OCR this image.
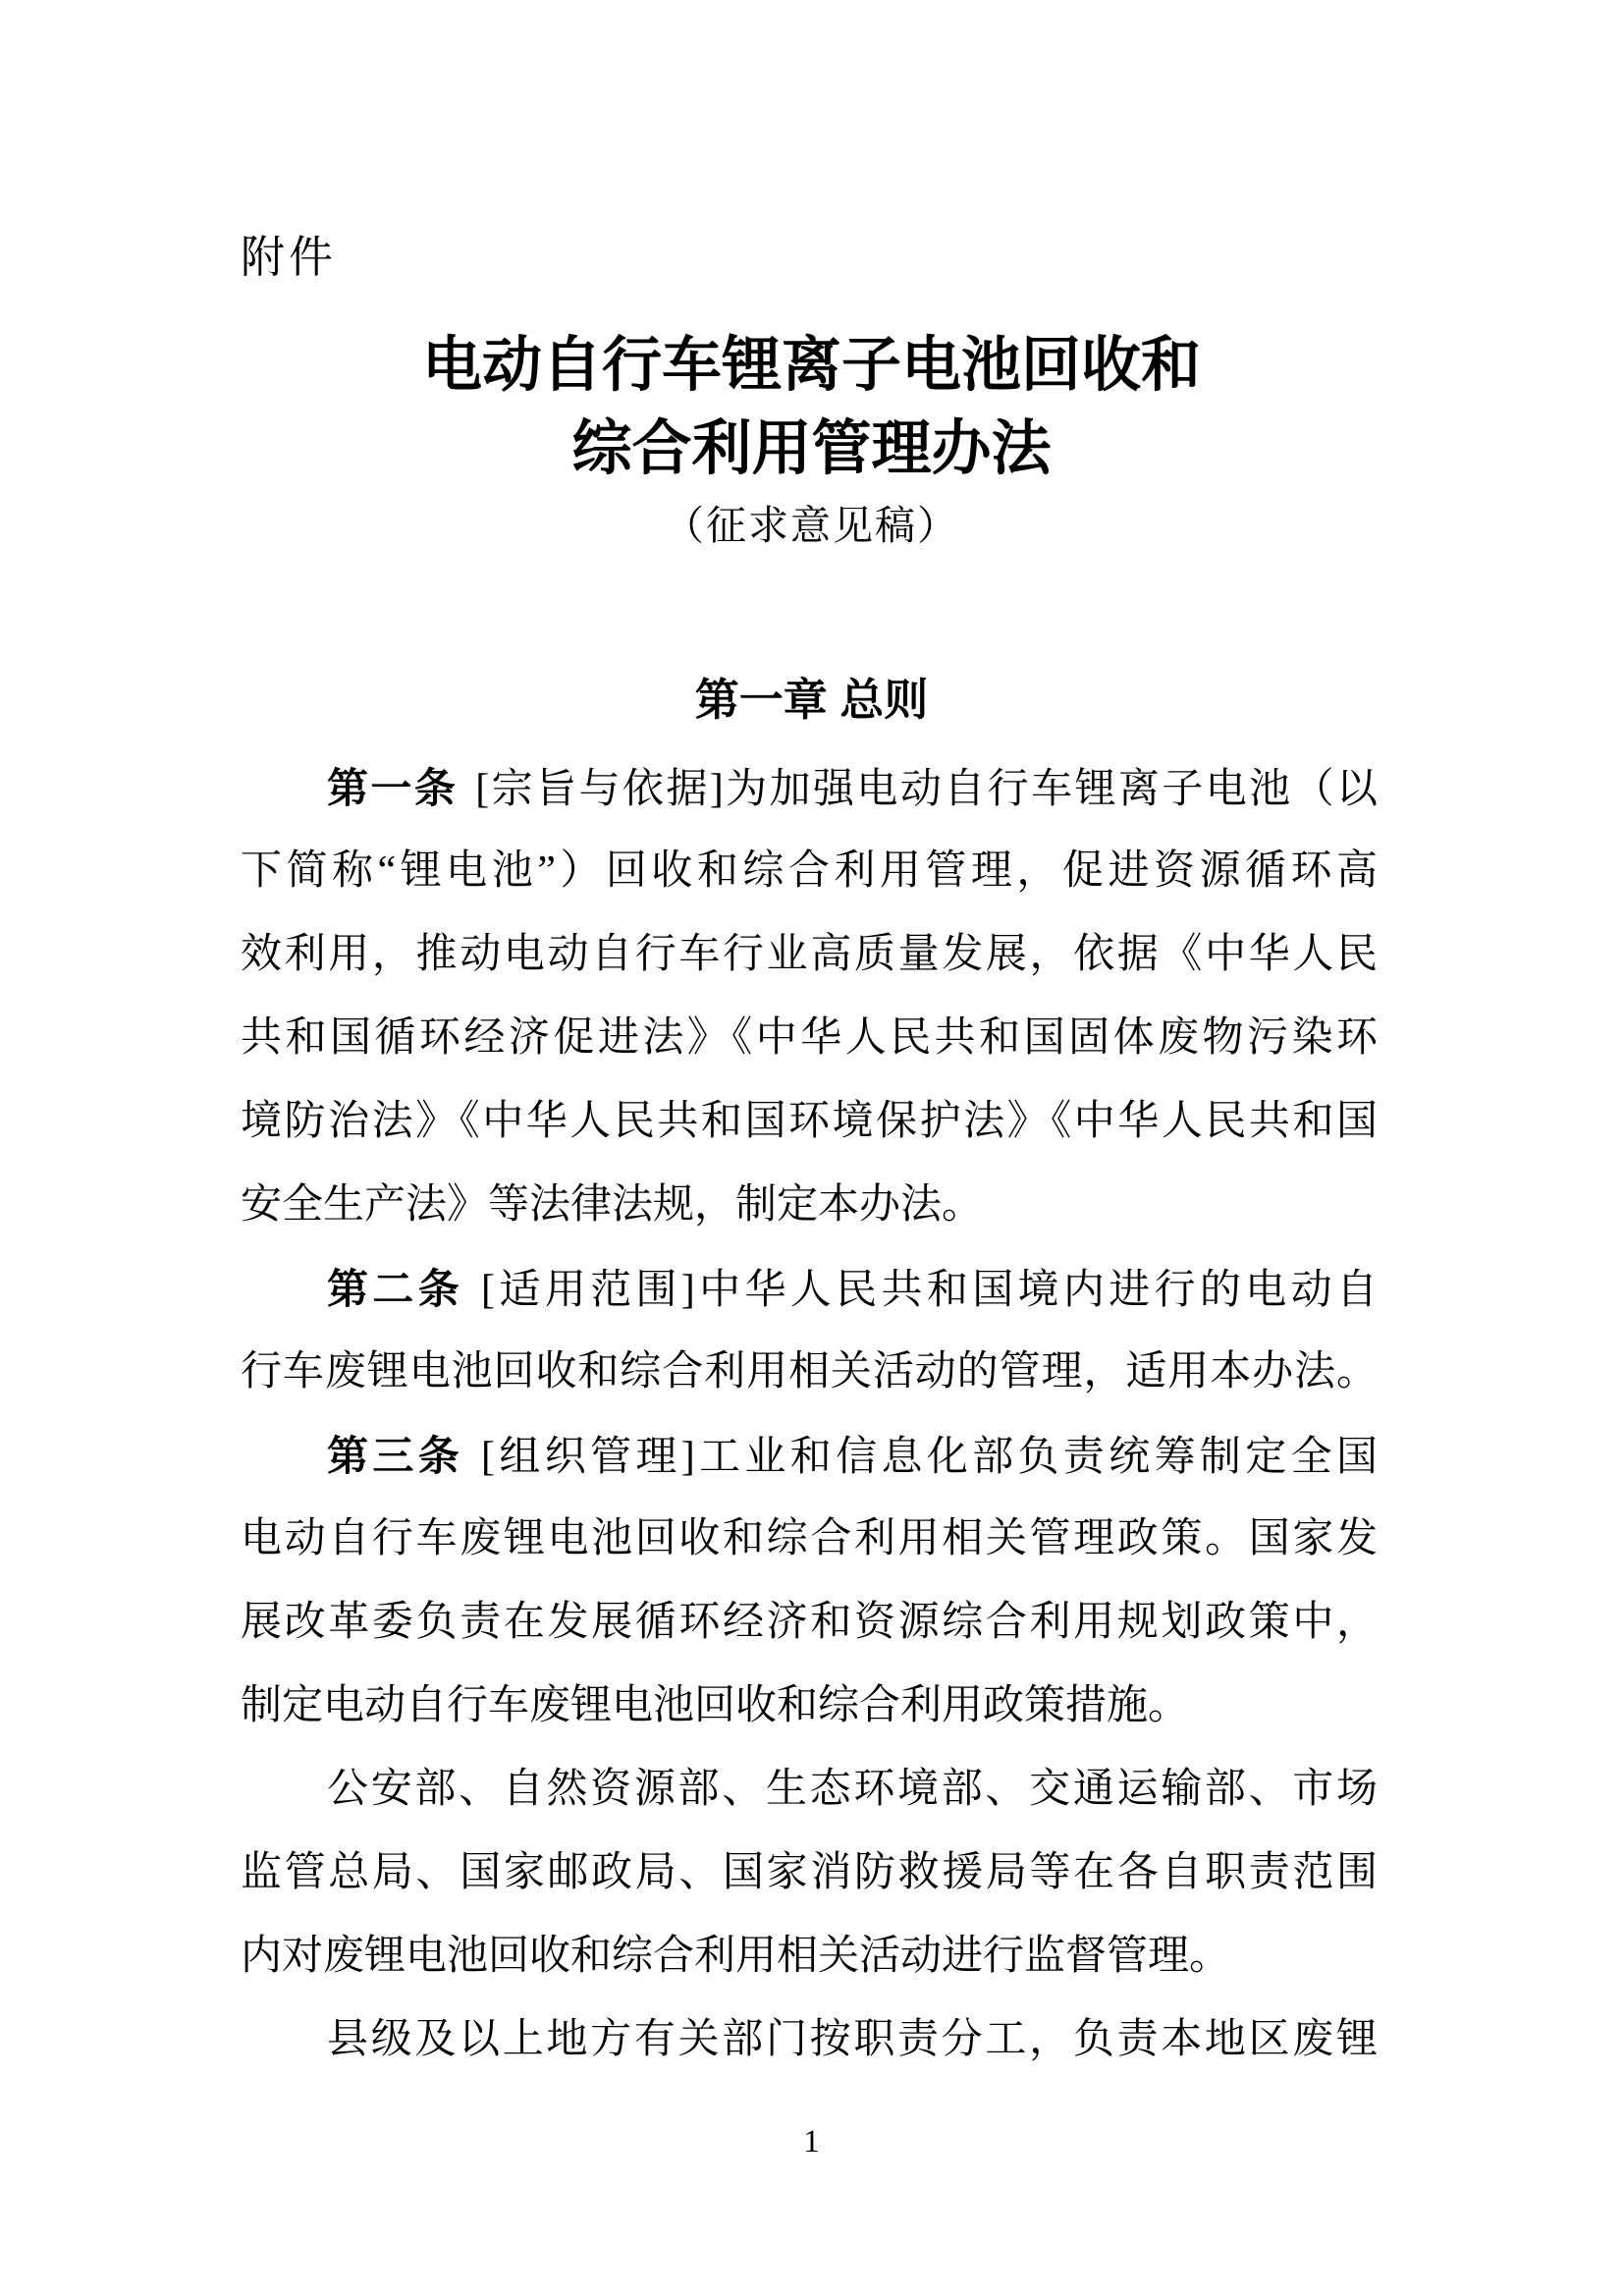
附件
电动自行车锂离子电池回收和
综合利用管理办法
（征求意见稿）
第一章 总则
第一条 [宗旨与依据]为加强电动自行车锂离子电池（以
下简称“锂电池”）回收和综合利用管理，促进资源循环高
效利用，推动电动自行车行业高质量发展，依据《中华人民
共和国循环经济促进法》《中华人民共和国固体废物污染环
境防治法》《中华人民共和国环境保护法》《中华人民共和国
安全生产法》等法律法规，制定本办法。
第二条 [适用范围]中华人民共和国境内进行的电动自
行车废锂电池回收和综合利用相关活动的管理，适用本办法。
第三条 [组织管理]工业和信息化部负责统筹制定全国
电动自行车废锂电池回收和综合利用相关管理政策。国家发
展改革委负责在发展循环经济和资源综合利用规划政策中，
制定电动自行车废锂电池回收和综合利用政策措施。
公安部、自然资源部、生态环境部、交通运输部、市场
监管总局、国家邮政局、国家消防救援局等在各自职责范围
内对废锂电池回收和综合利用相关活动进行监督管理。
县级及以上地方有关部门按职责分工，负责本地区废锂
1
